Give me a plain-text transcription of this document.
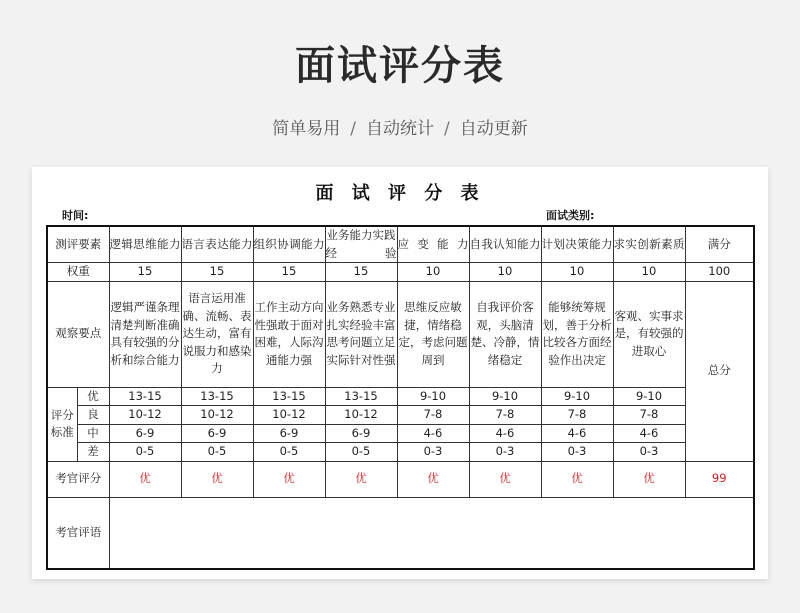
面试评分表
简单易用 / 自动统计 / 自动更新
面 试 评 分 表
时间:	面试类别:
测评要素		逻辑思维能力	语言表达能力	组织协调能力	业务能力实践经验	应变能力	自我认知能力	计划决策能力	求实创新素质	满分
权重		15	15	15	15	10	10	10	10	100
观察要点		逻辑严谨条理清楚判断准确具有较强的分析和综合能力	语言运用准确、流畅、表达生动，富有说服力和感染力	工作主动方向性强敢于面对困难，人际沟通能力强	业务熟悉专业扎实经验丰富思考问题立足实际针对性强	思维反应敏捷，情绪稳定，考虑问题周到	自我评价客观，头脑清楚、冷静，情绪稳定	能够统筹规划，善于分析比较各方面经验作出决定	客观、实事求是，有较强的进取心	总分
评分
标准	优	13-15	13-15	13-15	13-15	9-10	9-10	9-10	9-10	
	良	10-12	10-12	10-12	10-12	7-8	7-8	7-8	7-8	
	中	6-9	6-9	6-9	6-9	4-6	4-6	4-6	4-6	
	差	0-5	0-5	0-5	0-5	0-3	0-3	0-3	0-3	
考官评分		优	优	优	优	优	优	优	优	99
考官评语										
